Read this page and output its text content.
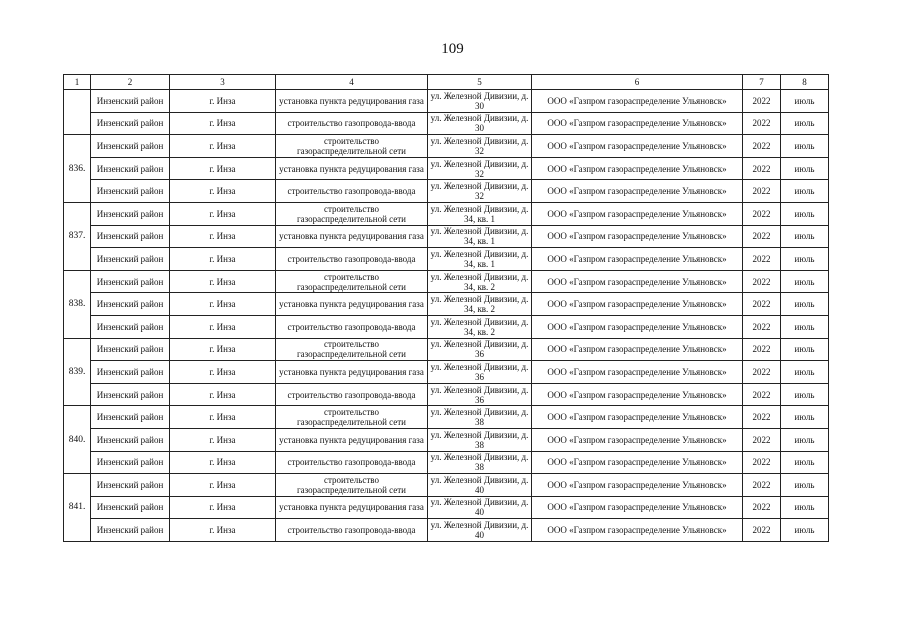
109
1	2	3	4	5	6	7	8
	Инзенский район	г. Инза	установка пункта редуцирования газа	ул. Железной Дивизии, д. 30	ООО «Газпром газораспределение Ульяновск»	2022	июль
	Инзенский район	г. Инза	строительство газопровода-ввода	ул. Железной Дивизии, д. 30	ООО «Газпром газораспределение Ульяновск»	2022	июль
836.	Инзенский район	г. Инза	строительство газораспределительной сети	ул. Железной Дивизии, д. 32	ООО «Газпром газораспределение Ульяновск»	2022	июль
	Инзенский район	г. Инза	установка пункта редуцирования газа	ул. Железной Дивизии, д. 32	ООО «Газпром газораспределение Ульяновск»	2022	июль
	Инзенский район	г. Инза	строительство газопровода-ввода	ул. Железной Дивизии, д. 32	ООО «Газпром газораспределение Ульяновск»	2022	июль
837.	Инзенский район	г. Инза	строительство газораспределительной сети	ул. Железной Дивизии, д. 34, кв. 1	ООО «Газпром газораспределение Ульяновск»	2022	июль
	Инзенский район	г. Инза	установка пункта редуцирования газа	ул. Железной Дивизии, д. 34, кв. 1	ООО «Газпром газораспределение Ульяновск»	2022	июль
	Инзенский район	г. Инза	строительство газопровода-ввода	ул. Железной Дивизии, д. 34, кв. 1	ООО «Газпром газораспределение Ульяновск»	2022	июль
838.	Инзенский район	г. Инза	строительство газораспределительной сети	ул. Железной Дивизии, д. 34, кв. 2	ООО «Газпром газораспределение Ульяновск»	2022	июль
	Инзенский район	г. Инза	установка пункта редуцирования газа	ул. Железной Дивизии, д. 34, кв. 2	ООО «Газпром газораспределение Ульяновск»	2022	июль
	Инзенский район	г. Инза	строительство газопровода-ввода	ул. Железной Дивизии, д. 34, кв. 2	ООО «Газпром газораспределение Ульяновск»	2022	июль
839.	Инзенский район	г. Инза	строительство газораспределительной сети	ул. Железной Дивизии, д. 36	ООО «Газпром газораспределение Ульяновск»	2022	июль
	Инзенский район	г. Инза	установка пункта редуцирования газа	ул. Железной Дивизии, д. 36	ООО «Газпром газораспределение Ульяновск»	2022	июль
	Инзенский район	г. Инза	строительство газопровода-ввода	ул. Железной Дивизии, д. 36	ООО «Газпром газораспределение Ульяновск»	2022	июль
840.	Инзенский район	г. Инза	строительство газораспределительной сети	ул. Железной Дивизии, д. 38	ООО «Газпром газораспределение Ульяновск»	2022	июль
	Инзенский район	г. Инза	установка пункта редуцирования газа	ул. Железной Дивизии, д. 38	ООО «Газпром газораспределение Ульяновск»	2022	июль
	Инзенский район	г. Инза	строительство газопровода-ввода	ул. Железной Дивизии, д. 38	ООО «Газпром газораспределение Ульяновск»	2022	июль
841.	Инзенский район	г. Инза	строительство газораспределительной сети	ул. Железной Дивизии, д. 40	ООО «Газпром газораспределение Ульяновск»	2022	июль
	Инзенский район	г. Инза	установка пункта редуцирования газа	ул. Железной Дивизии, д. 40	ООО «Газпром газораспределение Ульяновск»	2022	июль
	Инзенский район	г. Инза	строительство газопровода-ввода	ул. Железной Дивизии, д. 40	ООО «Газпром газораспределение Ульяновск»	2022	июль
